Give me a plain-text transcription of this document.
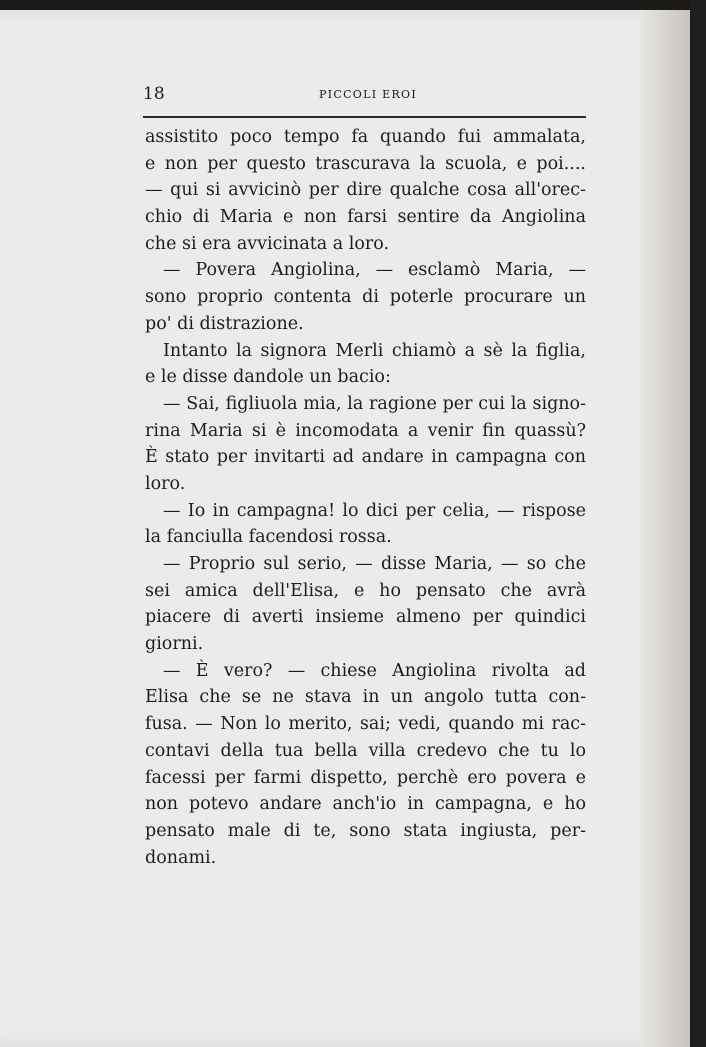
18	PICCOLI EROI
assistito poco tempo fa quando fui ammalata,
e non per questo trascurava la scuola, e poi....
— qui si avvicinò per dire qualche cosa all'orec-
chio di Maria e non farsi sentire da Angiolina
che si era avvicinata a loro.
— Povera Angiolina, — esclamò Maria, —
sono proprio contenta di poterle procurare un
po' di distrazione.
Intanto la signora Merli chiamò a sè la figlia,
e le disse dandole un bacio:
— Sai, figliuola mia, la ragione per cui la signo-
rina Maria si è incomodata a venir fin quassù?
È stato per invitarti ad andare in campagna con
loro.
— Io in campagna! lo dici per celia, — rispose
la fanciulla facendosi rossa.
— Proprio sul serio, — disse Maria, — so che
sei amica dell'Elisa, e ho pensato che avrà
piacere di averti insieme almeno per quindici
giorni.
— È vero? — chiese Angiolina rivolta ad
Elisa che se ne stava in un angolo tutta con-
fusa. — Non lo merito, sai; vedi, quando mi rac-
contavi della tua bella villa credevo che tu lo
facessi per farmi dispetto, perchè ero povera e
non potevo andare anch'io in campagna, e ho
pensato male di te, sono stata ingiusta, per-
donami.
